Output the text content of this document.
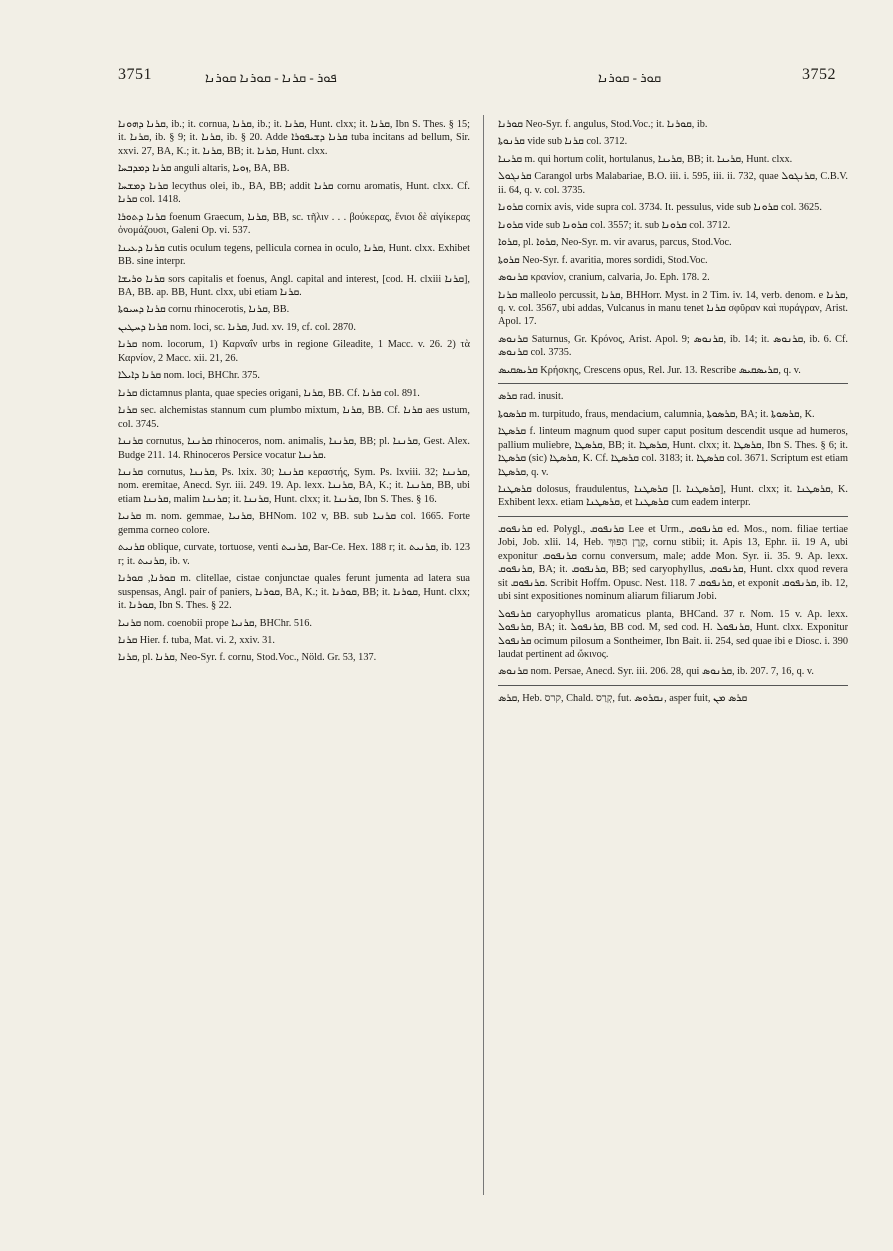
3751	ܦܘܪ - ܩܪܢܐ - ܩܘܪܢܐ ܩܘܪܢܐ	ܩܘܪ - ܩܘܪܢܐ	3752

ܩܪܢܐ ܕܗܘܢܐ, ib.; it. cornua, ܩܪܢܐ, ib.; it. ܩܪܢܐ, Hunt. clxx; it. ܩܪܢܐ, Ibn S. Thes. § 15; it. ܩܪܢܐ, ib. § 9; it. ܩܪܢܐ, ib. § 20. Adde ܩܪܢܐ ܕܫܝܦܘܪܐ tuba incitans ad bellum, Sir. xxvi. 27, BA, K.; it. ܩܪܢܐ, BB; it. ܩܪܢܐ, Hunt. clxx.

ܩܪܢܐ ܕܡܕܒܚܐ anguli altaris, ܙܘܝܐ, BA, BB.

ܩܪܢܐ ܕܡܫܚܐ lecythus olei, ib., BA, BB; addit ܩܪܢܐ cornu aromatis, Hunt. clxx. Cf. ܩܪܢܐ col. 1418.

ܩܪܢܐ ܕܬܘܪܐ foenum Graecum, ܩܪܢܐ, BB, sc. τῆλιν . . . βούκερας, ἔνιοι δὲ αἰγίκερας ὀνομάζουσι, Galeni Op. vi. 537.

ܩܪܢܐ ܕܥܝܢܐ cutis oculum tegens, pellicula cornea in oculo, ܩܪܢܐ, Hunt. clxx. Exhibet BB. sine interpr.

ܩܪܢܐ ܘܪܝܫܐ sors capitalis et foenus, Angl. capital and interest, [cod. H. clxiii ܩܪܢܐ], BA, BB. ap. BB, Hunt. clxx, ubi etiam ܩܪܢܐ.

ܩܪܢܐ ܕܚܝܘܬܐ cornu rhinocerotis, ܩܪܢܐ, BB.

ܩܪܢܐ ܕܚܛܝܢ nom. loci, sc. ܩܪܢܐ, Jud. xv. 19, cf. col. 2870.

ܩܪܢܐ nom. locorum, 1) Καρναΐν urbs in regione Gileadite, 1 Macc. v. 26. 2) τὰ Καρνίον, 2 Macc. xii. 21, 26.

ܩܪܢܐ ܕܐܝܠܐ nom. loci, BHChr. 375.

ܩܪܢܐ dictamnus planta, quae species origani, ܩܪܢܐ, BB. Cf. ܩܪܢܐ col. 891.

ܩܪܢܐ sec. alchemistas stannum cum plumbo mixtum, ܩܪܢܐ, BB. Cf. ܩܪܢܐ aes ustum, col. 3745.

ܩܪܢܢܐ cornutus, ܩܪܢܢܐ rhinoceros, nom. animalis, ܩܪܢܢܐ, BB; pl. ܩܪܢܢܐ, Gest. Alex. Budge 211. 14. Rhinoceros Persice vocatur ܩܪܢܢܐ.

ܩܪܢܢܐ cornutus, ܩܪܢܢܐ, Ps. lxix. 30; ܩܪܢܢܐ κεραστής, Sym. Ps. lxviii. 32; ܩܪܢܢܐ, nom. eremitae, Anecd. Syr. iii. 249. 19. Ap. lexx. ܩܪܢܢܐ, BA, K.; it. ܩܪܢܢܐ, BB, ubi etiam ܩܪܢܢܐ, malim ܩܪܢܢܐ; it. ܩܪܢܢܐ, Hunt. clxx; it. ܩܪܢܢܐ, Ibn S. Thes. § 16.

ܩܪܢܝܐ m. nom. gemmae, ܩܪܢܝܐ, BHNom. 102 v, BB. sub ܩܪܢܝܐ col. 1665. Forte gemma corneo colore.

ܩܪܢܝܬ oblique, curvate, tortuose, venti ܩܪܢܝܬ, Bar-Ce. Hex. 188 r; it. ܩܪܢܝܬ, ib. 123 r; it. ܩܪܢܝܬ, ib. v.

ܩܘܪܢܐ, ܩܘܪܢܐ m. clitellae, cistae conjunctae quales ferunt jumenta ad latera sua suspensas, Angl. pair of paniers, ܩܘܪܢܐ, BA, K.; it. ܩܘܪܢܐ, BB; it. ܩܘܪܢܐ, Hunt. clxx; it. ܩܘܪܢܐ, Ibn S. Thes. § 22.

ܩܪܢܝܐ nom. coenobii prope ܩܪܢܝܐ, BHChr. 516.

ܩܪܢܐ Hier. f. tuba, Mat. vi. 2, xxiv. 31.

ܩܪܢܐ, pl. ܩܪܢܐ, Neo-Syr. f. cornu, Stod.Voc., Nöld. Gr. 53, 137.

ܩܘܪܢܐ Neo-Syr. f. angulus, Stod.Voc.; it. ܩܘܪܢܐ, ib.

ܩܪܢܘܬܐ vide sub ܩܪܢܐ col. 3712.

ܩܪܝܢܐ m. qui hortum colit, hortulanus, ܩܪܝܢܐ, BB; it. ܩܪܝܢܐ, Hunt. clxx.

ܩܪܢܓܘܠ Carangol urbs Malabariae, B.O. iii. i. 595, iii. ii. 732, quae ܩܪܢܓܘܠ, C.B.V. ii. 64, q. v. col. 3735.

ܩܪܘܢܐ cornix avis, vide supra col. 3734. It. pessulus, vide sub ܩܪܘܢܐ col. 3625.

ܩܪܘܢܐ vide sub ܩܪܘܢܐ col. 3557; it. sub ܩܪܘܢܐ col. 3712.

ܩܪܘܐ, pl. ܩܪܘܐ, Neo-Syr. m. vir avarus, parcus, Stod.Voc.

ܩܪܘܬܐ Neo-Syr. f. avaritia, mores sordidi, Stod.Voc.

ܩܪܢܘܣ κρανίον, cranium, calvaria, Jo. Eph. 178. 2.

ܩܪܢܐ malleolo percussit, ܩܪܢܐ, BHHorr. Myst. in 2 Tim. iv. 14, verb. denom. e ܩܪܢܐ, q. v. col. 3567, ubi addas, Vulcanus in manu tenet ܩܪܢܐ σφῦραν καὶ πυράγραν, Arist. Apol. 17.

ܩܪܢܘܣ Saturnus, Gr. Κρόνος, Arist. Apol. 9; ܩܪܢܘܣ, ib. 14; it. ܩܪܢܘܣ, ib. 6. Cf. ܩܪܢܘܣ col. 3735.

ܩܪܝܣܩܝܣ Κρήσκης, Crescens opus, Rel. Jur. 13. Rescribe ܩܪܝܣܩܝܣ, q. v.

ܩܪܣ rad. inusit.

ܩܪܣܘܬܐ m. turpitudo, fraus, mendacium, calumnia, ܩܪܣܘܬܐ, BA; it. ܩܪܣܘܬܐ, K.

ܩܪܣܛܐ f. linteum magnum quod super caput positum descendit usque ad humeros, pallium muliebre, ܩܪܣܛܐ, BB; it. ܩܪܣܛܐ, Hunt. clxx; it. ܩܪܣܛܐ, Ibn S. Thes. § 6; it. ܩܪܣܛܐ (sic) ܩܪܣܛܐ, K. Cf. ܩܪܣܛܐ col. 3183; it. ܩܪܣܛܐ col. 3671. Scriptum est etiam ܩܪܣܛܐ, q. v.

ܩܪܣܛܢܐ dolosus, fraudulentus, ܩܪܣܛܢܐ [l. ܩܪܣܛܢܐ], Hunt. clxx; it. ܩܪܣܛܢܐ, K. Exhibent lexx. etiam ܩܪܣܛܢܐ, et ܩܪܣܛܢܐ cum eadem interpr.

ܩܪܢܦܘܩ ed. Polygl., ܩܪܢܦܘܩ Lee et Urm., ܩܪܢܦܘܩ ed. Mos., nom. filiae tertiae Jobi, Job. xlii. 14, Heb. קֶרֶן הַפּוּךְ, cornu stibii; it. Apis 13, Ephr. ii. 19 A, ubi exponitur ܩܪܢܦܘܩ cornu conversum, male; adde Mon. Syr. ii. 35. 9. Ap. lexx. ܩܪܢܦܘܩ, BA; it. ܩܪܢܦܘܩ, BB; sed caryophyllus, ܩܪܢܦܘܩ, Hunt. clxx quod revera sit ܩܪܢܦܘܩ. Scribit Hoffm. Opusc. Nest. 118. 7 ܩܪܢܦܘܩ, et exponit ܩܪܢܦܘܩ, ib. 12, ubi sint expositiones nominum aliarum filiarum Jobi.

ܩܪܢܦܘܠ caryophyllus aromaticus planta, BHCand. 37 r. Nom. 15 v. Ap. lexx. ܩܪܢܦܘܠ, BA; it. ܩܪܢܦܘܠ, BB cod. M, sed cod. H. ܩܪܢܦܘܠ, Hunt. clxx. Exponitur ܩܪܢܦܘܠ ocimum pilosum a Sontheimer, Ibn Bait. ii. 254, sed quae ibi e Diosc. i. 390 laudat pertinent ad ὤκινος.

ܩܪܢܘܣ nom. Persae, Anecd. Syr. iii. 206. 28, qui ܩܪܢܘܣ, ib. 207. 7, 16, q. v.

ܩܪܣ, Heb. קרס, Chald. קְרַס, fut. ܢܩܪܘܣ, asper fuit, ܩܪܣ ܡܢ
